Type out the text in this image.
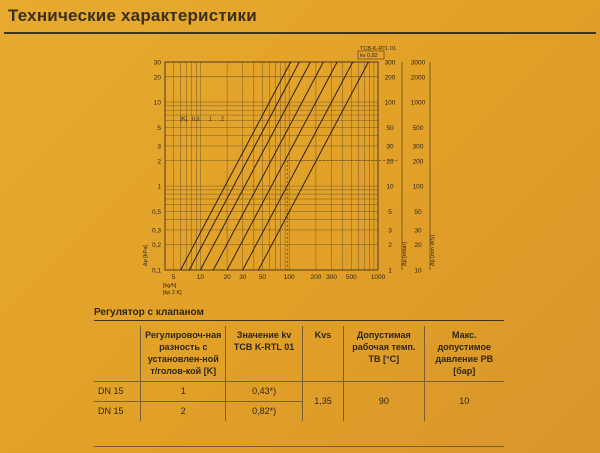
Технические характеристики
30
20
10
5
3
2
1
0,5
0,3
0,2
0,1
300
200
100
50
30
20
10
5
3
2
1
3000
2000
1000
500
300
200
100
50
30
20
10
5	10	20 30 50	100 200 300 500 1000
[kg/h]
[kp 2 K]
Δp [kPa]	Δp [mbar]	Δp [mm WS]
TCB-K-RTL 01
kv 0,82
[K] 0,3 1 2
Регулятор с клапаном
	Регулировоч-ная разность с установлен-ной т/голов-кой [K]	Значение kv TCB K-RTL 01	Kvs	Допустимая рабочая темп. TB [°C]	Макс. допустимое давление PB [бар]
DN 15	1	0,43*)	1,35	90	10
DN 15	2	0,82*)			
